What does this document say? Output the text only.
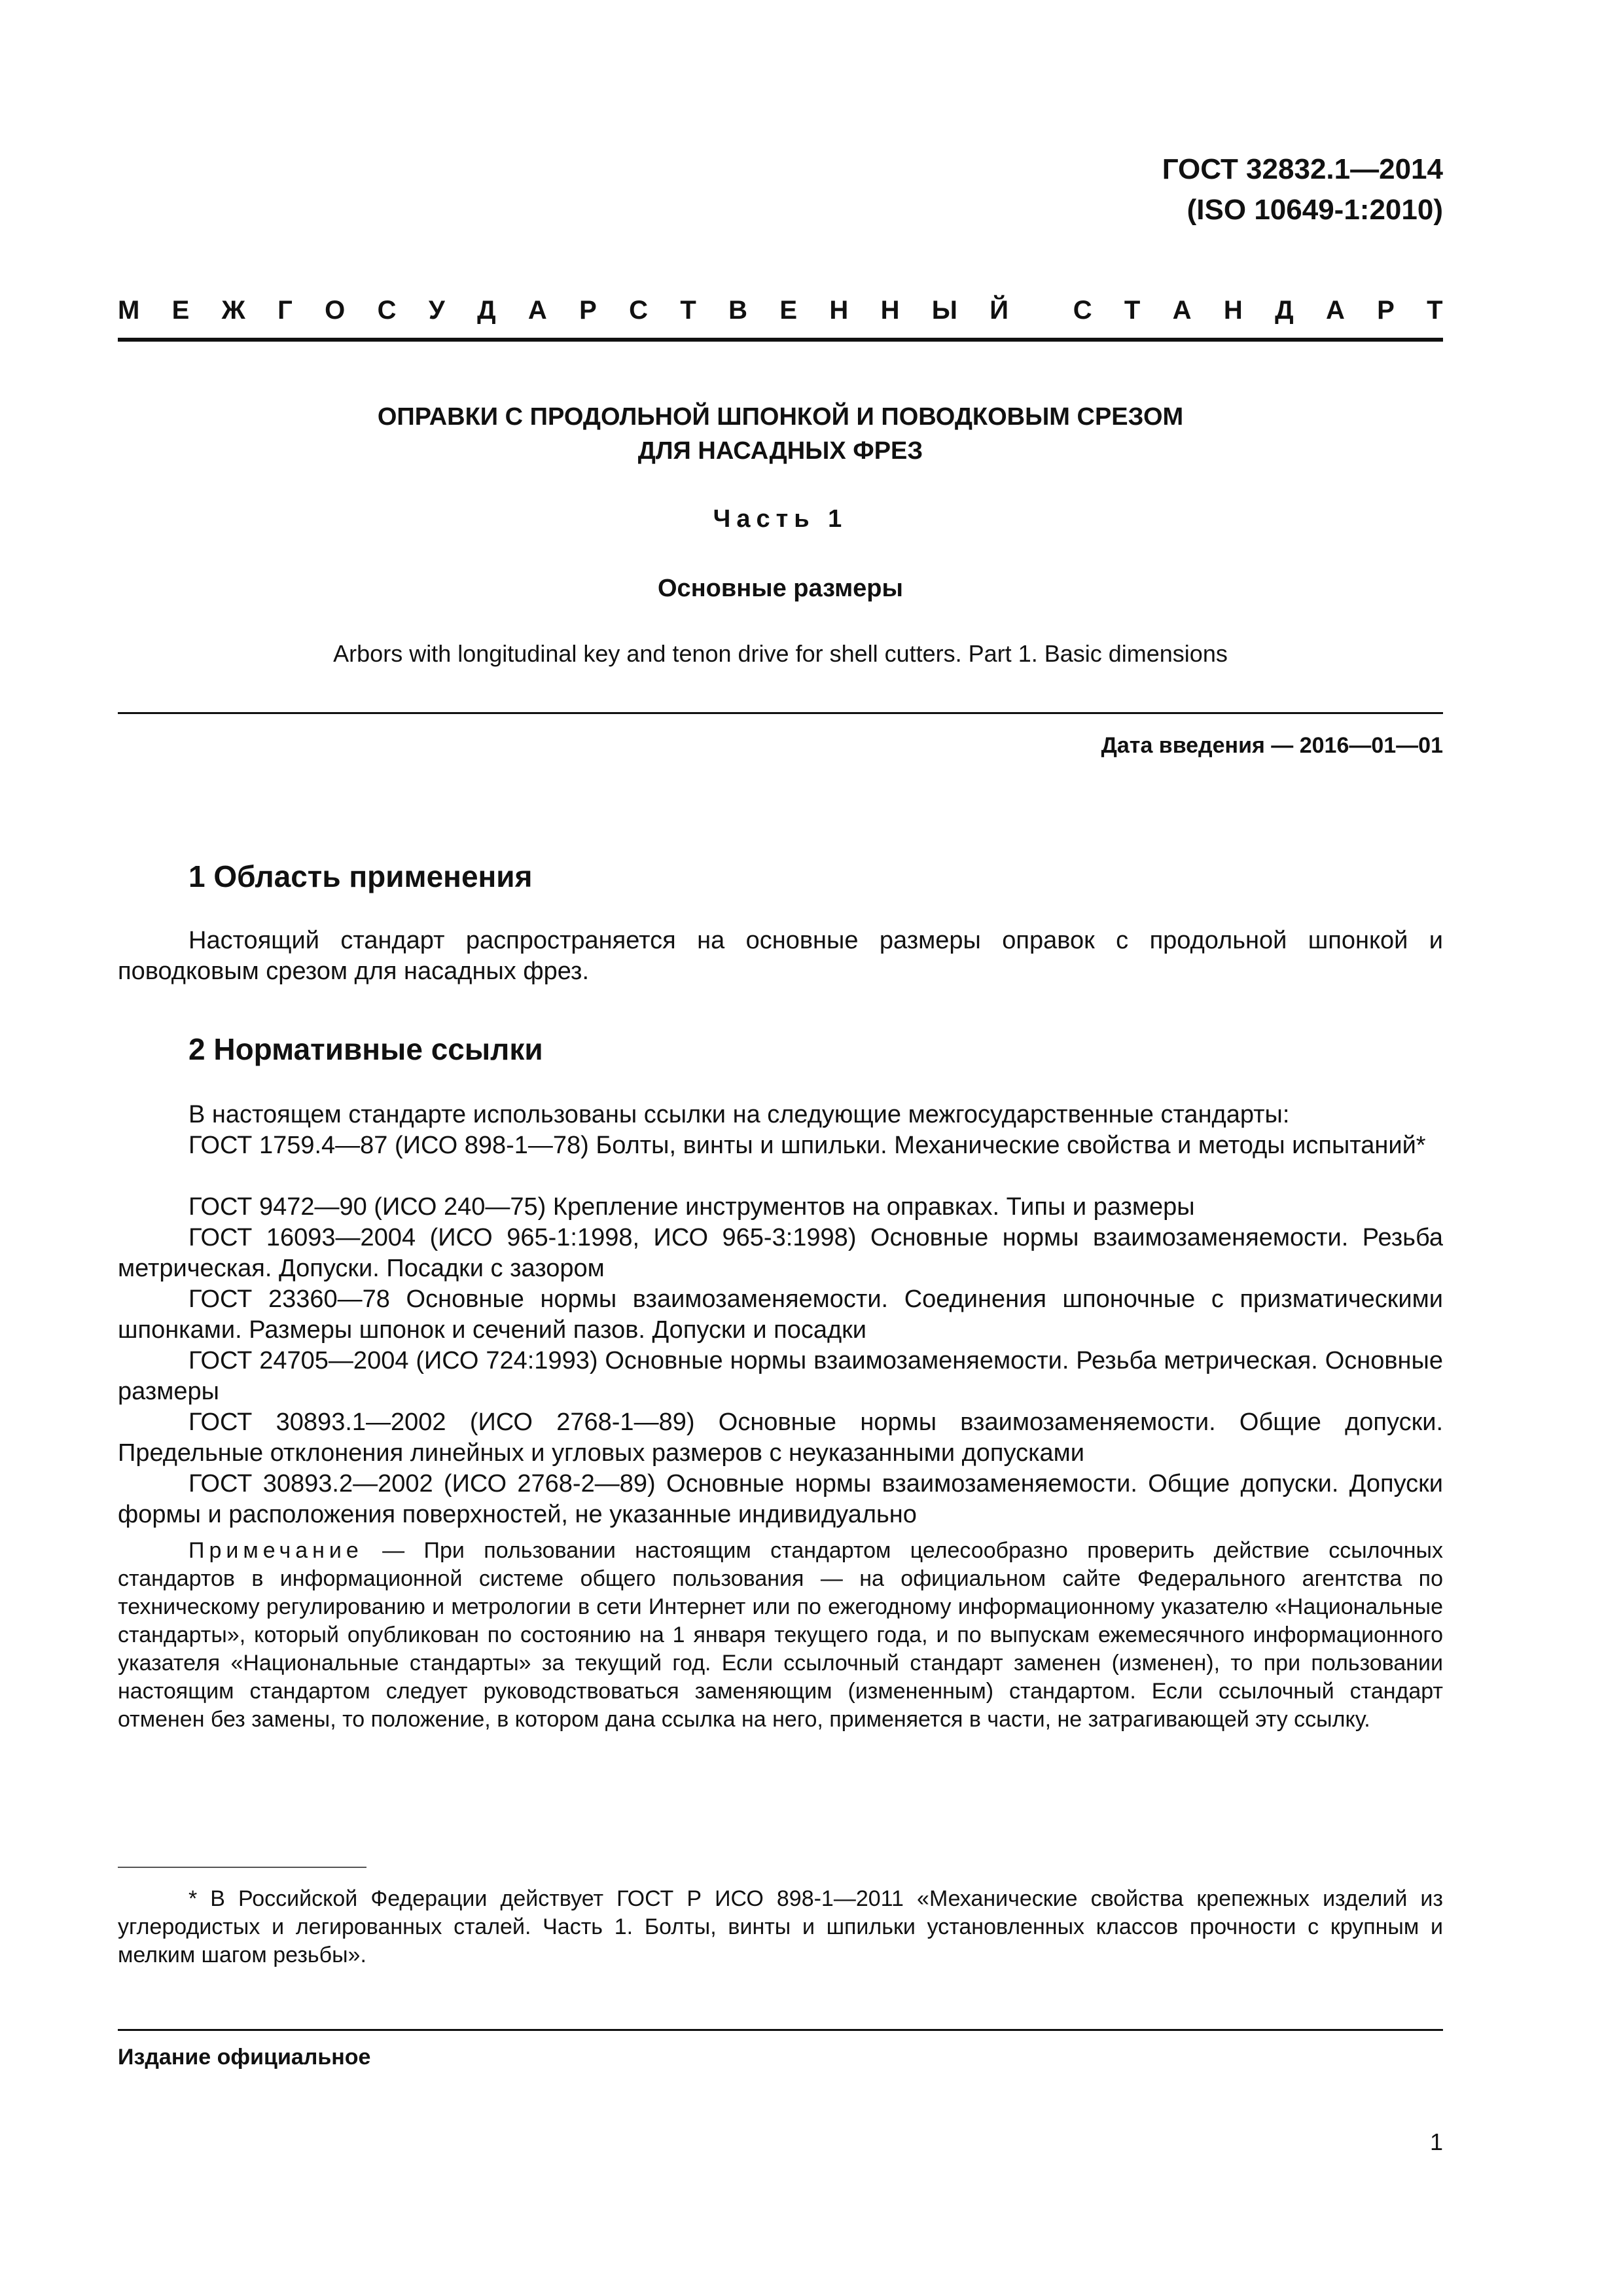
ГОСТ 32832.1—2014
(ISO 10649-1:2010)
М Е Ж Г О С У Д А Р С Т В Е Н Н Ы Й С Т А Н Д А Р Т
ОПРАВКИ С ПРОДОЛЬНОЙ ШПОНКОЙ И ПОВОДКОВЫМ СРЕЗОМ
ДЛЯ НАСАДНЫХ ФРЕЗ
Часть 1
Основные размеры
Arbors with longitudinal key and tenon drive for shell cutters. Part 1. Basic dimensions
Дата введения — 2016—01—01
1 Область применения
Настоящий стандарт распространяется на основные размеры оправок с продольной шпонкой и поводковым срезом для насадных фрез.
2 Нормативные ссылки
В настоящем стандарте использованы ссылки на следующие межгосударственные стандарты:
ГОСТ 1759.4—87 (ИСО 898-1—78) Болты, винты и шпильки. Механические свойства и методы испытаний*
ГОСТ 9472—90 (ИСО 240—75) Крепление инструментов на оправках. Типы и размеры
ГОСТ 16093—2004 (ИСО 965-1:1998, ИСО 965-3:1998) Основные нормы взаимозаменяемости. Резьба метрическая. Допуски. Посадки с зазором
ГОСТ 23360—78 Основные нормы взаимозаменяемости. Соединения шпоночные с призматическими шпонками. Размеры шпонок и сечений пазов. Допуски и посадки
ГОСТ 24705—2004 (ИСО 724:1993) Основные нормы взаимозаменяемости. Резьба метрическая. Основные размеры
ГОСТ 30893.1—2002 (ИСО 2768-1—89) Основные нормы взаимозаменяемости. Общие допуски. Предельные отклонения линейных и угловых размеров с неуказанными допусками
ГОСТ 30893.2—2002 (ИСО 2768-2—89) Основные нормы взаимозаменяемости. Общие допуски. Допуски формы и расположения поверхностей, не указанные индивидуально
Примечание — При пользовании настоящим стандартом целесообразно проверить действие ссылочных стандартов в информационной системе общего пользования — на официальном сайте Федерального агентства по техническому регулированию и метрологии в сети Интернет или по ежегодному информационному указателю «Национальные стандарты», который опубликован по состоянию на 1 января текущего года, и по выпускам ежемесячного информационного указателя «Национальные стандарты» за текущий год. Если ссылочный стандарт заменен (изменен), то при пользовании настоящим стандартом следует руководствоваться заменяющим (измененным) стандартом. Если ссылочный стандарт отменен без замены, то положение, в котором дана ссылка на него, применяется в части, не затрагивающей эту ссылку.
* В Российской Федерации действует ГОСТ Р ИСО 898-1—2011 «Механические свойства крепежных изделий из углеродистых и легированных сталей. Часть 1. Болты, винты и шпильки установленных классов прочности с крупным и мелким шагом резьбы».
Издание официальное
1
